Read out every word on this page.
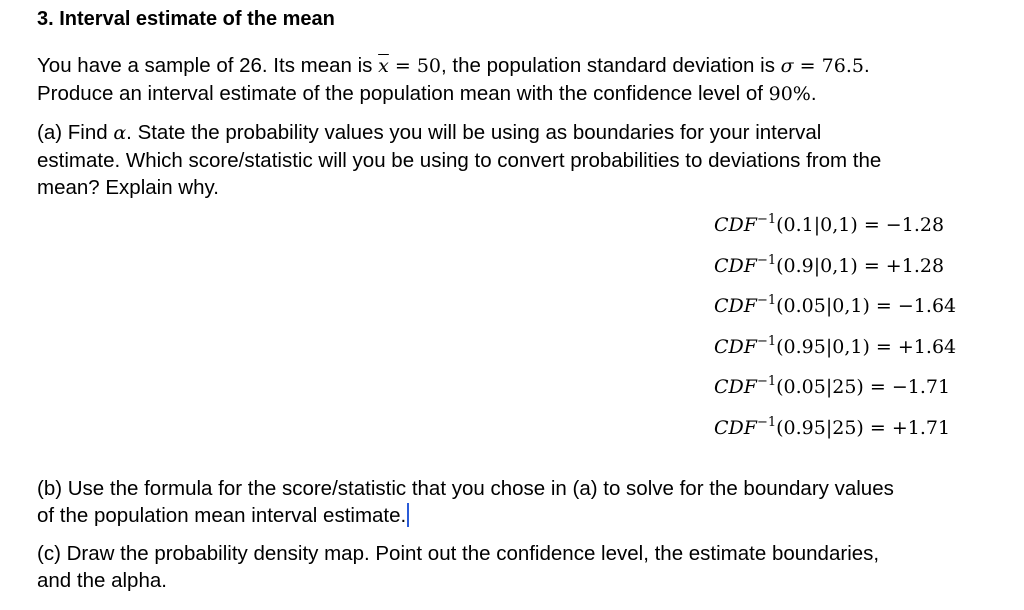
3. Interval estimate of the mean
You have a sample of 26. Its mean is $\overline{x} = 50$, the population standard deviation is σ = 76.5.
Produce an interval estimate of the population mean with the confidence level of 90%.
(a) Find α. State the probability values you will be using as boundaries for your interval
estimate. Which score/statistic will you be using to convert probabilities to deviations from the
mean? Explain why.
$CDF^{-1}(0.1|0,1) = -1.28$
$CDF^{-1}(0.9|0,1) = +1.28$
$CDF^{-1}(0.05|0,1) = -1.64$
$CDF^{-1}(0.95|0,1) = +1.64$
$CDF^{-1}(0.05|25) = -1.71$
$CDF^{-1}(0.95|25) = +1.71$
(b) Use the formula for the score/statistic that you chose in (a) to solve for the boundary values
of the population mean interval estimate.
(c) Draw the probability density map. Point out the confidence level, the estimate boundaries,
and the alpha.
